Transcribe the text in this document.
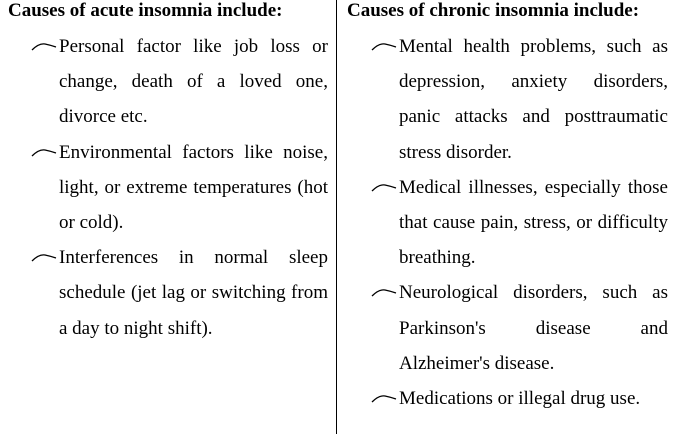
Causes of acute insomnia include:
Personal factor like job loss or change, death of a loved one, divorce etc.
Environmental factors like noise, light, or extreme temperatures (hot or cold).
Interferences in normal sleep schedule (jet lag or switching from a day to night shift).
Causes of chronic insomnia include:
Mental health problems, such as depression, anxiety disorders, panic attacks and posttraumatic stress disorder.
Medical illnesses, especially those that cause pain, stress, or difficulty breathing.
Neurological disorders, such as Parkinson's disease and Alzheimer's disease.
Medications or illegal drug use.
